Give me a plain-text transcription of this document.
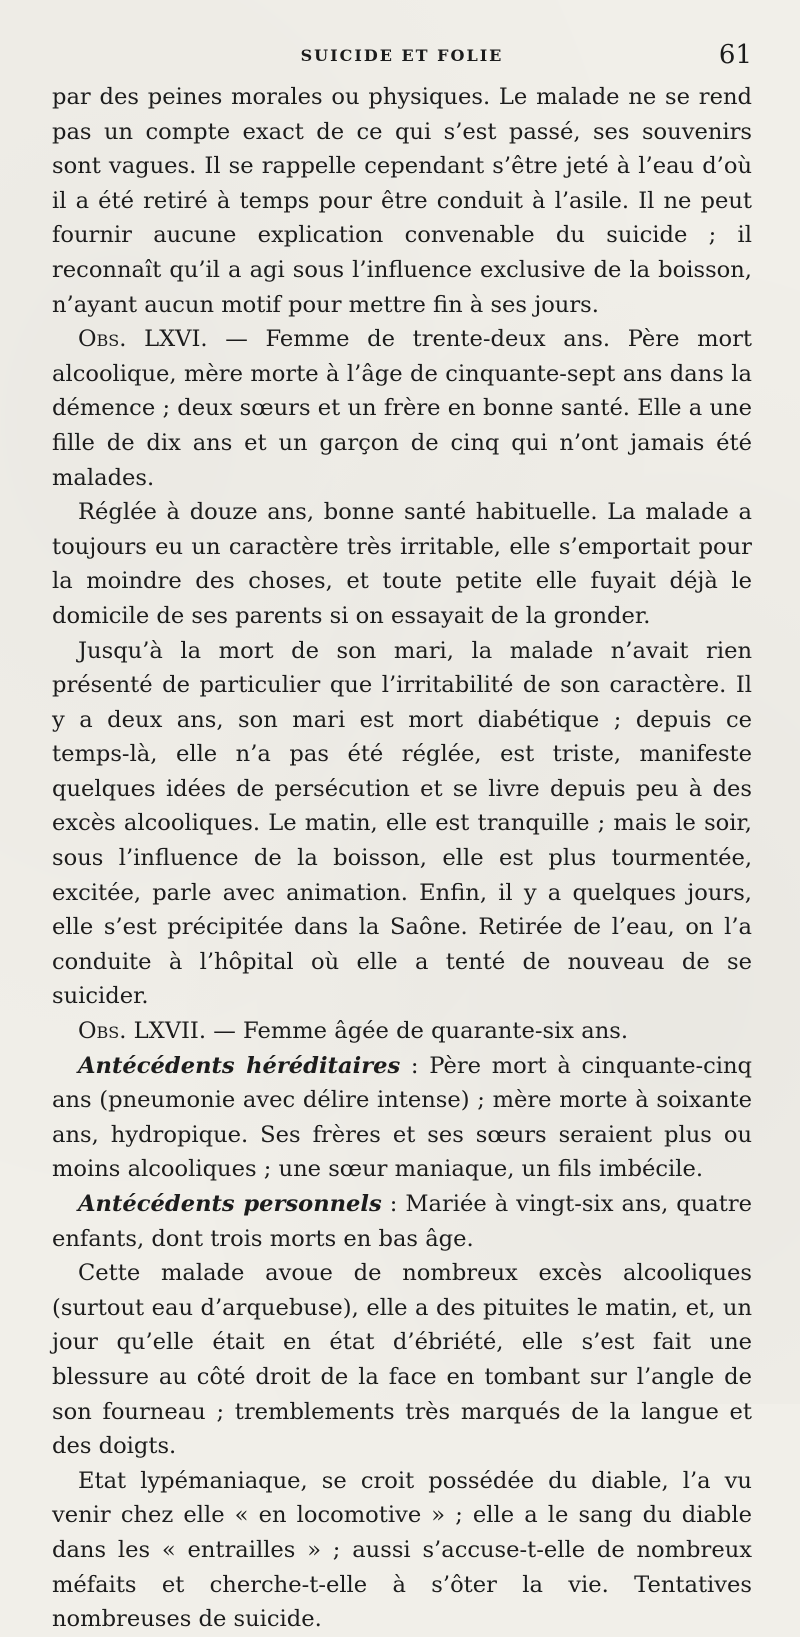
SUICIDE ET FOLIE	61

par des peines morales ou physiques. Le malade ne se rend pas un compte exact de ce qui s’est passé, ses souvenirs sont vagues. Il se rappelle cependant s’être jeté à l’eau d’où il a été retiré à temps pour être conduit à l’asile. Il ne peut fournir aucune explication convenable du suicide ; il reconnaît qu’il a agi sous l’influence exclusive de la boisson, n’ayant aucun motif pour mettre fin à ses jours.

Obs. LXVI. — Femme de trente-deux ans. Père mort alcoolique, mère morte à l’âge de cinquante-sept ans dans la démence ; deux sœurs et un frère en bonne santé. Elle a une fille de dix ans et un garçon de cinq qui n’ont jamais été malades.

Réglée à douze ans, bonne santé habituelle. La malade a toujours eu un caractère très irritable, elle s’emportait pour la moindre des choses, et toute petite elle fuyait déjà le domicile de ses parents si on essayait de la gronder.

Jusqu’à la mort de son mari, la malade n’avait rien présenté de particulier que l’irritabilité de son caractère. Il y a deux ans, son mari est mort diabétique ; depuis ce temps-là, elle n’a pas été réglée, est triste, manifeste quelques idées de persécution et se livre depuis peu à des excès alcooliques. Le matin, elle est tranquille ; mais le soir, sous l’influence de la boisson, elle est plus tourmentée, excitée, parle avec animation. Enfin, il y a quelques jours, elle s’est précipitée dans la Saône. Retirée de l’eau, on l’a conduite à l’hôpital où elle a tenté de nouveau de se suicider.

Obs. LXVII. — Femme âgée de quarante-six ans.

Antécédents héréditaires : Père mort à cinquante-cinq ans (pneumonie avec délire intense) ; mère morte à soixante ans, hydropique. Ses frères et ses sœurs seraient plus ou moins alcooliques ; une sœur maniaque, un fils imbécile.

Antécédents personnels : Mariée à vingt-six ans, quatre enfants, dont trois morts en bas âge.

Cette malade avoue de nombreux excès alcooliques (surtout eau d’arquebuse), elle a des pituites le matin, et, un jour qu’elle était en état d’ébriété, elle s’est fait une blessure au côté droit de la face en tombant sur l’angle de son fourneau ; tremblements très marqués de la langue et des doigts.

Etat lypémaniaque, se croit possédée du diable, l’a vu venir chez elle « en locomotive » ; elle a le sang du diable dans les « entrailles » ; aussi s’accuse-t-elle de nombreux méfaits et cherche-t-elle à s’ôter la vie. Tentatives nombreuses de suicide.
